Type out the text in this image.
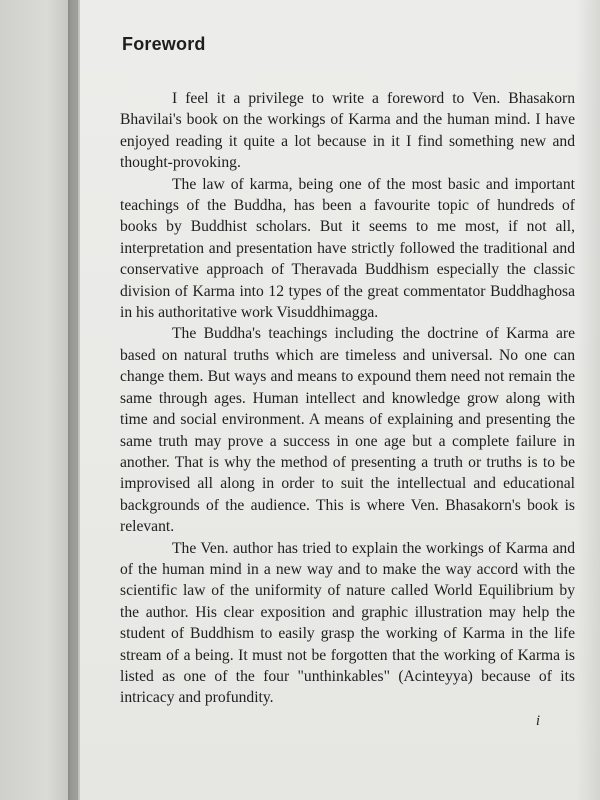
Foreword

I feel it a privilege to write a foreword to Ven. Bhasakorn Bhavilai's book on the workings of Karma and the human mind. I have enjoyed reading it quite a lot because in it I find something new and thought-provoking.

The law of karma, being one of the most basic and important teachings of the Buddha, has been a favourite topic of hundreds of books by Buddhist scholars. But it seems to me most, if not all, interpretation and presentation have strictly followed the traditional and conservative approach of Theravada Buddhism especially the classic division of Karma into 12 types of the great commentator Buddhaghosa in his authoritative work Visuddhimagga.

The Buddha's teachings including the doctrine of Karma are based on natural truths which are timeless and universal. No one can change them. But ways and means to expound them need not remain the same through ages. Human intellect and knowledge grow along with time and social environment. A means of explaining and presenting the same truth may prove a success in one age but a complete failure in another. That is why the method of presenting a truth or truths is to be improvised all along in order to suit the intellectual and educational backgrounds of the audience. This is where Ven. Bhasakorn's book is relevant.

The Ven. author has tried to explain the workings of Karma and of the human mind in a new way and to make the way accord with the scientific law of the uniformity of nature called World Equilibrium by the author. His clear exposition and graphic illustration may help the student of Buddhism to easily grasp the working of Karma in the life stream of a being. It must not be forgotten that the working of Karma is listed as one of the four "unthinkables" (Acinteyya) because of its intricacy and profundity.

i
